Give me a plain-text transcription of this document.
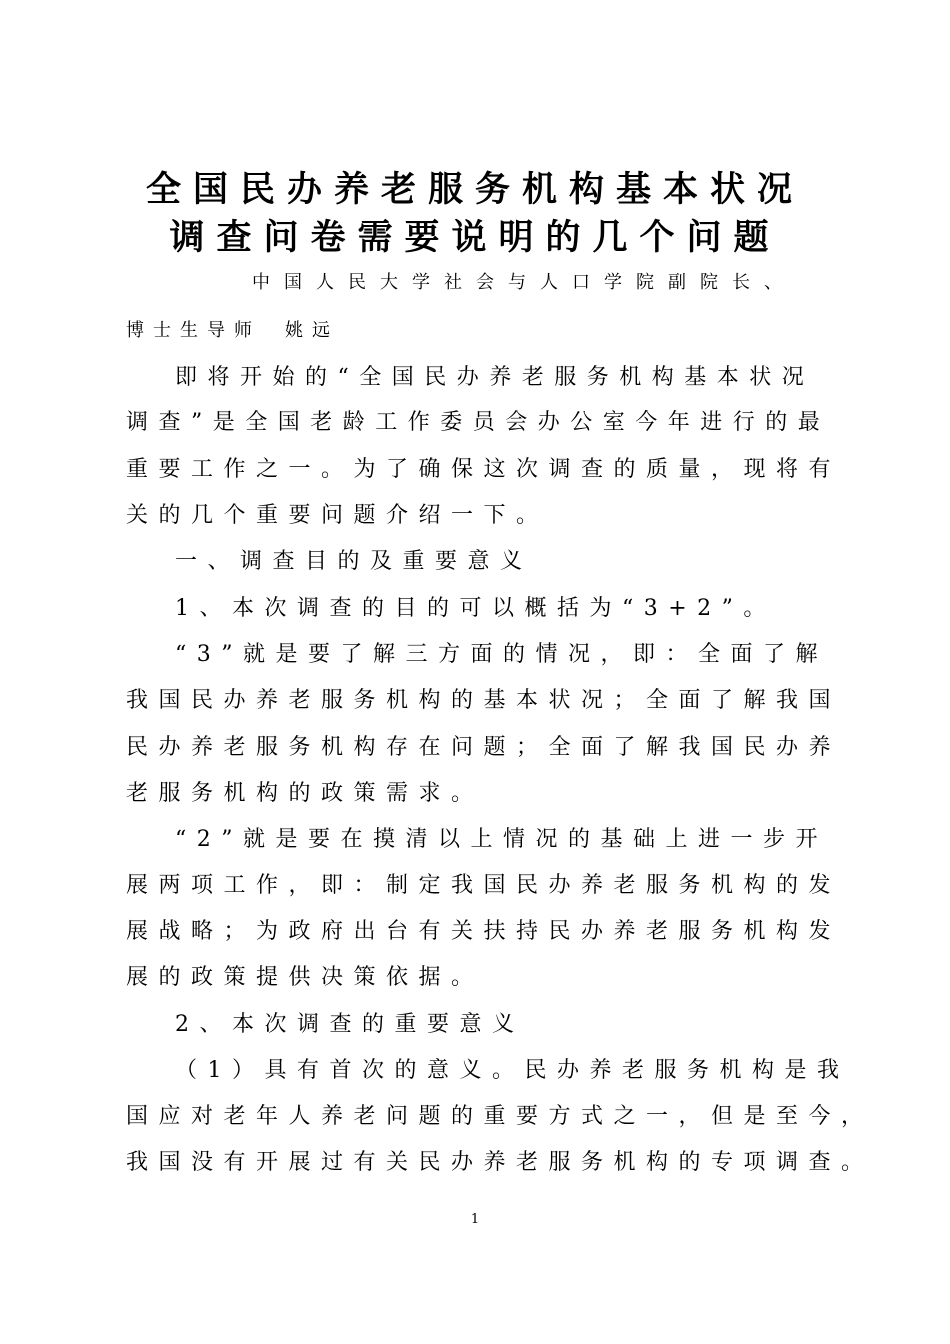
全国民办养老服务机构基本状况
调查问卷需要说明的几个问题
中国人民大学社会与人口学院副院长、
博士生导师 姚远
即将开始的“全国民办养老服务机构基本状况
调查”是全国老龄工作委员会办公室今年进行的最
重要工作之一。为了确保这次调查的质量，现将有
关的几个重要问题介绍一下。
一、调查目的及重要意义
1、本次调查的目的可以概括为“3+2”。
“3”就是要了解三方面的情况，即：全面了解
我国民办养老服务机构的基本状况；全面了解我国
民办养老服务机构存在问题；全面了解我国民办养
老服务机构的政策需求。
“2”就是要在摸清以上情况的基础上进一步开
展两项工作，即：制定我国民办养老服务机构的发
展战略；为政府出台有关扶持民办养老服务机构发
展的政策提供决策依据。
2、本次调查的重要意义
（1）具有首次的意义。民办养老服务机构是我
国应对老年人养老问题的重要方式之一，但是至今，
我国没有开展过有关民办养老服务机构的专项调查。
1
